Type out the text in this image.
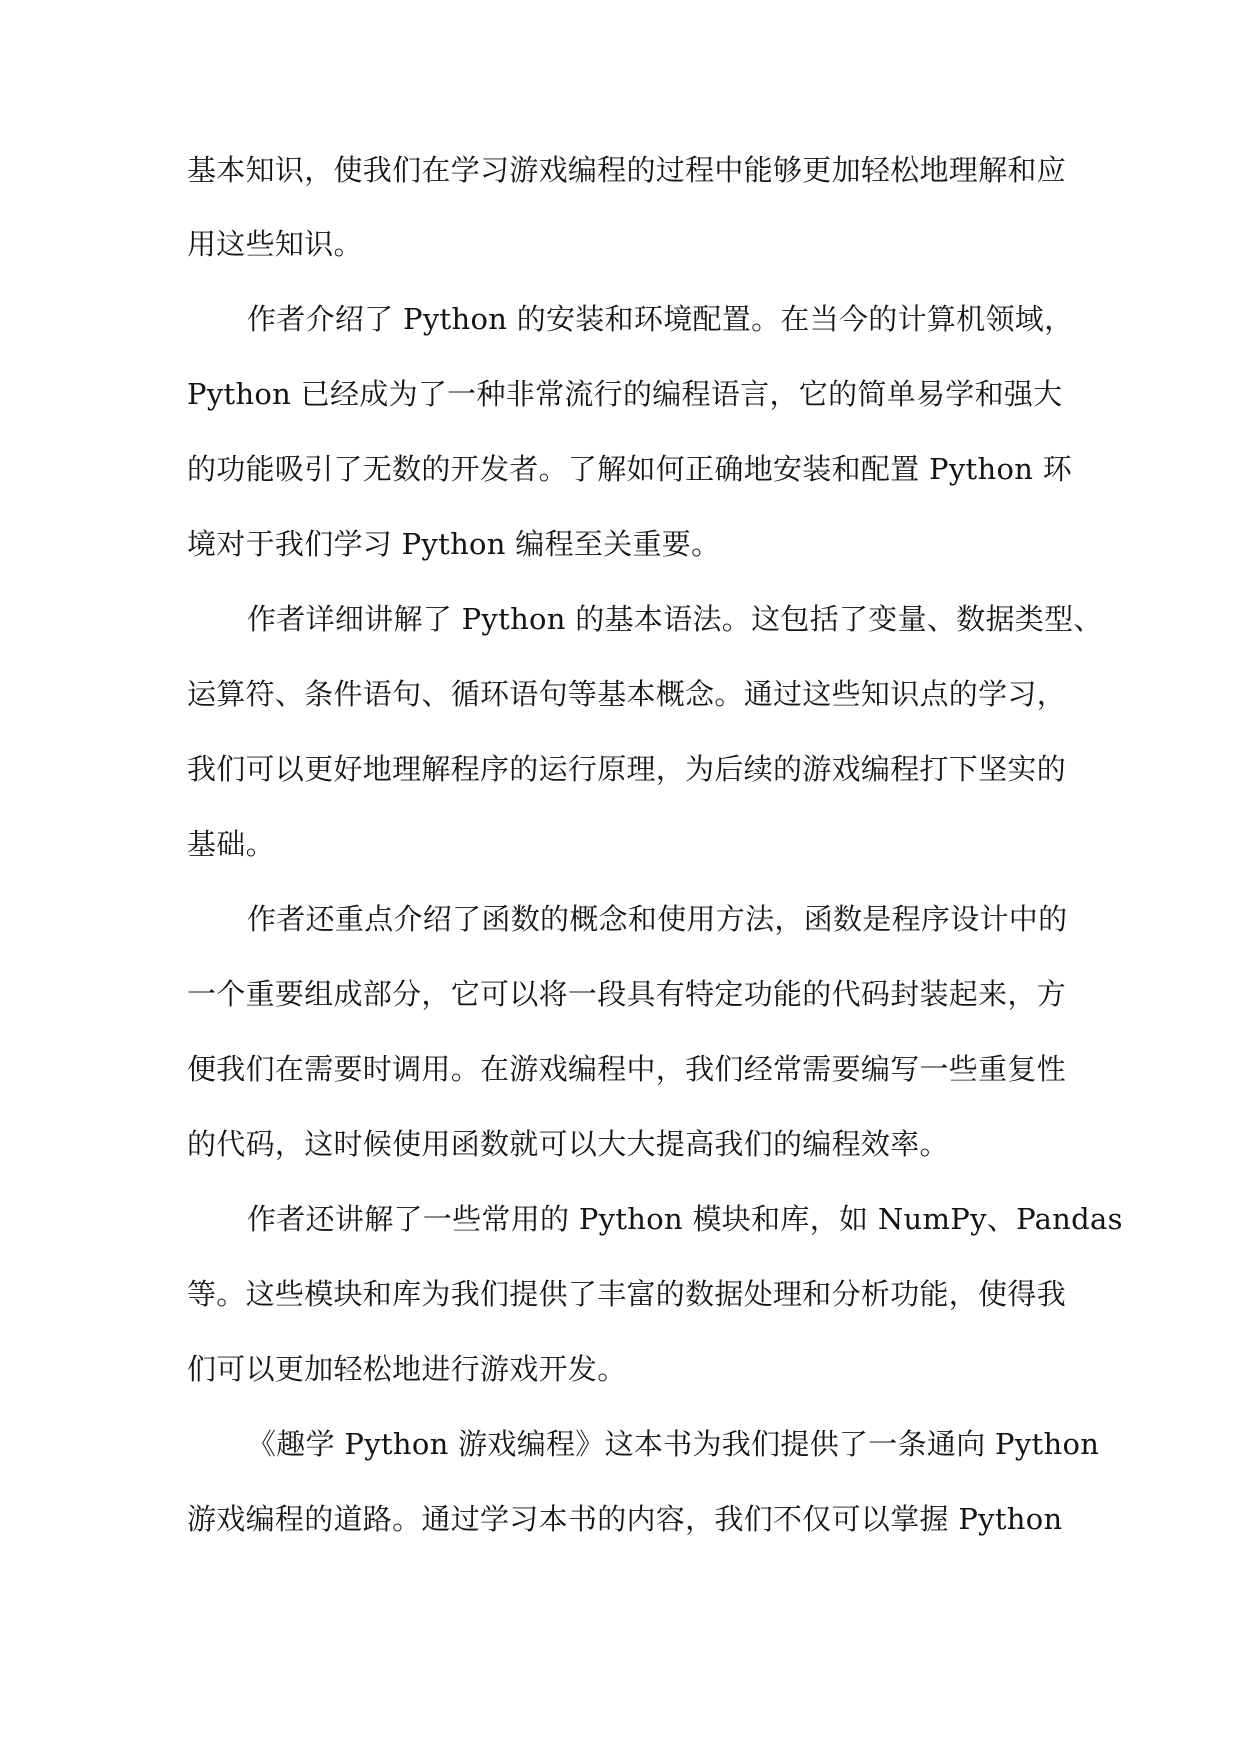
基本知识，使我们在学习游戏编程的过程中能够更加轻松地理解和应
用这些知识。
作者介绍了 Python 的安装和环境配置。在当今的计算机领域，
Python 已经成为了一种非常流行的编程语言，它的简单易学和强大
的功能吸引了无数的开发者。了解如何正确地安装和配置 Python 环
境对于我们学习 Python 编程至关重要。
作者详细讲解了 Python 的基本语法。这包括了变量、数据类型、
运算符、条件语句、循环语句等基本概念。通过这些知识点的学习，
我们可以更好地理解程序的运行原理，为后续的游戏编程打下坚实的
基础。
作者还重点介绍了函数的概念和使用方法，函数是程序设计中的
一个重要组成部分，它可以将一段具有特定功能的代码封装起来，方
便我们在需要时调用。在游戏编程中，我们经常需要编写一些重复性
的代码，这时候使用函数就可以大大提高我们的编程效率。
作者还讲解了一些常用的 Python 模块和库，如 NumPy、Pandas
等。这些模块和库为我们提供了丰富的数据处理和分析功能，使得我
们可以更加轻松地进行游戏开发。
《趣学 Python 游戏编程》这本书为我们提供了一条通向 Python
游戏编程的道路。通过学习本书的内容，我们不仅可以掌握 Python
